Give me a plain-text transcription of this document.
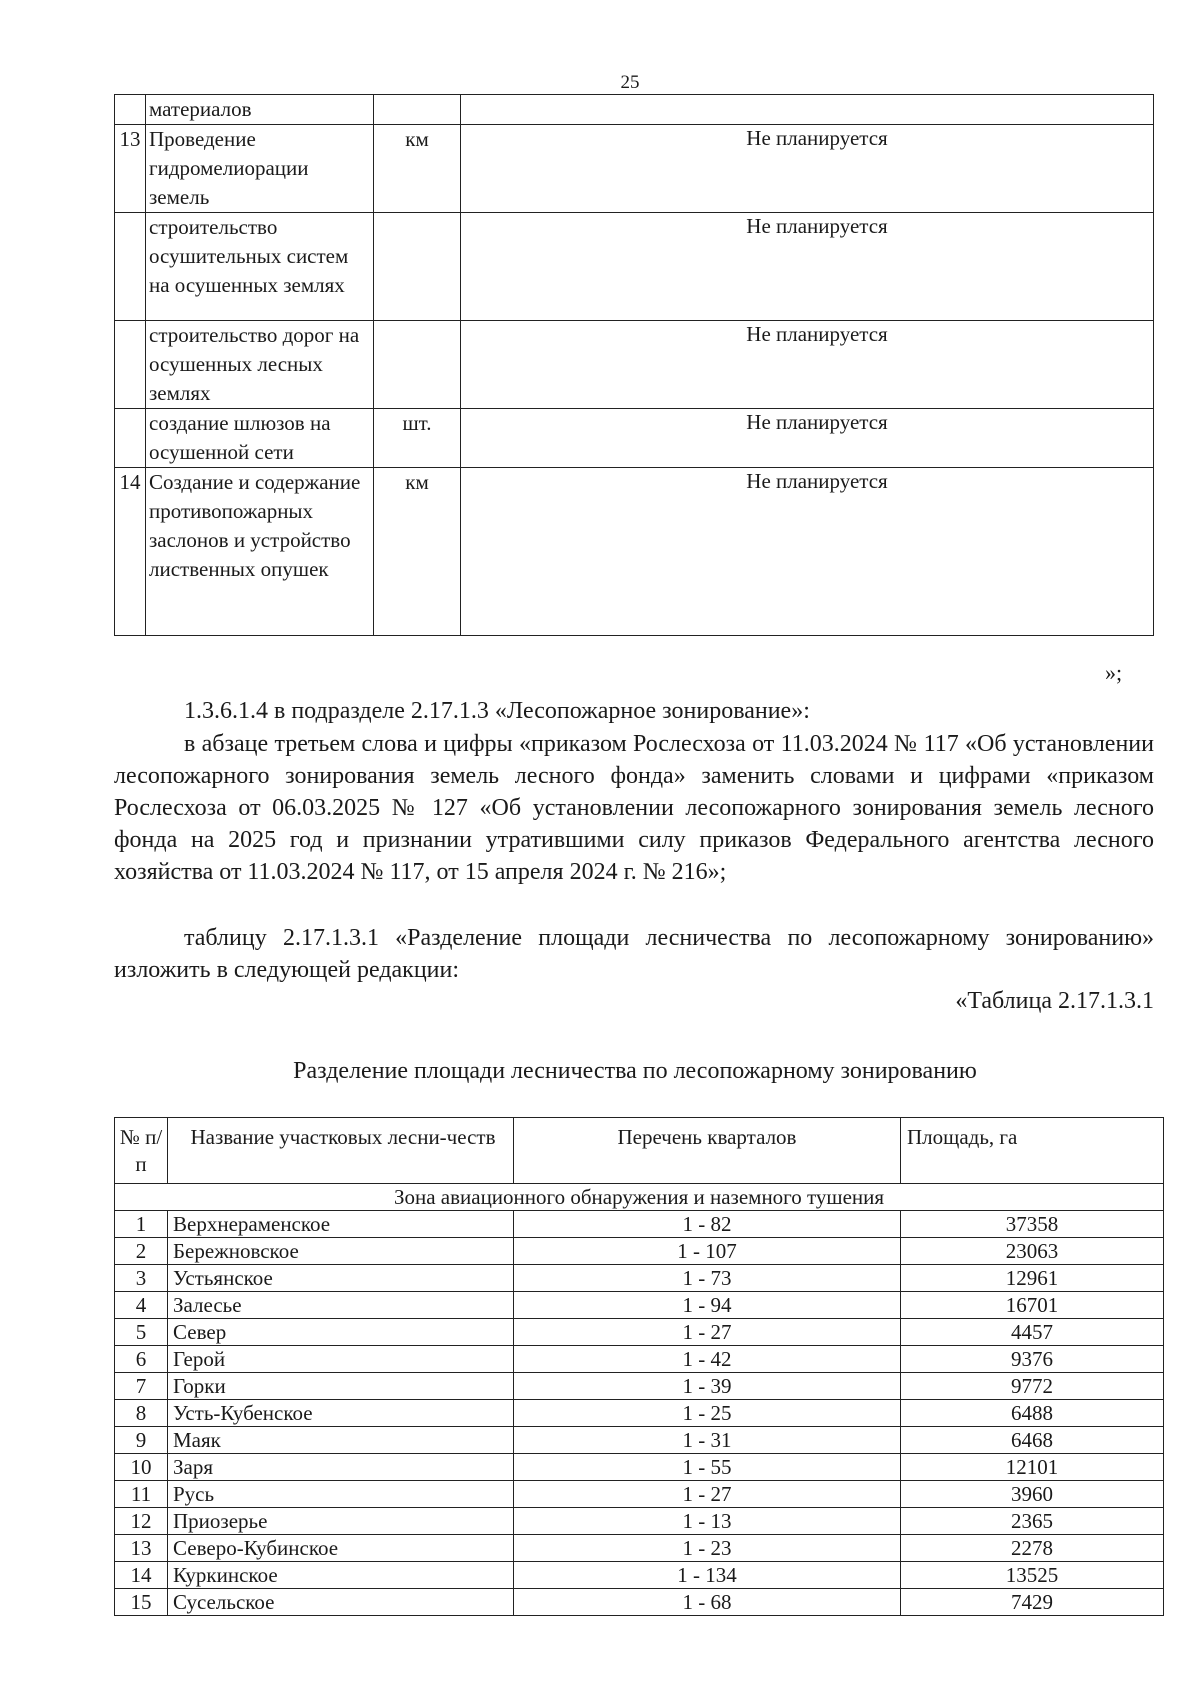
25
	материалов		
13	Проведение гидромелиорации земель	км	Не планируется
	строительство осушительных систем на осушенных землях		Не планируется
	строительство дорог на осушенных лесных землях		Не планируется
	создание шлюзов на осушенной сети	шт.	Не планируется
14	Создание и содержание противопожарных заслонов и устройство лиственных опушек	км	Не планируется
»;

1.3.6.1.4 в подразделе 2.17.1.3 «Лесопожарное зонирование»:

в абзаце третьем слова и цифры «приказом Рослесхоза от 11.03.2024 № 117 «Об установлении лесопожарного зонирования земель лесного фонда» заменить словами и цифрами «приказом Рослесхоза от 06.03.2025 № 127 «Об установлении лесопожарного зонирования земель лесного фонда на 2025 год и признании утратившими силу приказов Федерального агентства лесного хозяйства от 11.03.2024 № 117, от 15 апреля 2024 г. № 216»;

таблицу 2.17.1.3.1 «Разделение площади лесничества по лесопожарному зонированию» изложить в следующей редакции:

«Таблица 2.17.1.3.1
Разделение площади лесничества по лесопожарному зонированию
№ п/п	Название участковых лесни-честв	Перечень кварталов	Площадь, га
Зона авиационного обнаружения и наземного тушения			
1	Верхнераменское	1 - 82	37358
2	Бережновское	1 - 107	23063
3	Устьянское	1 - 73	12961
4	Залесье	1 - 94	16701
5	Север	1 - 27	4457
6	Герой	1 - 42	9376
7	Горки	1 - 39	9772
8	Усть-Кубенское	1 - 25	6488
9	Маяк	1 - 31	6468
10	Заря	1 - 55	12101
11	Русь	1 - 27	3960
12	Приозерье	1 - 13	2365
13	Северо-Кубинское	1 - 23	2278
14	Куркинское	1 - 134	13525
15	Сусельское	1 - 68	7429
